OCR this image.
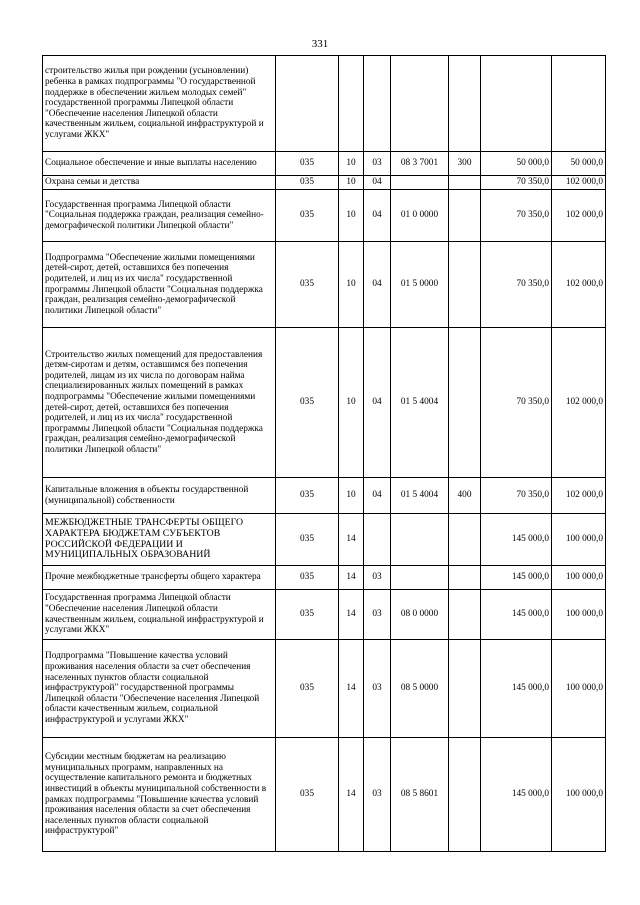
331
строительство жилья при рождении (усыновлении) ребенка в рамках подпрограммы "О государственной поддержке в обеспечении жильем молодых семей" государственной программы Липецкой области "Обеспечение населения Липецкой области качественным жильем, социальной инфраструктурой и услугами ЖКХ"							
Социальное обеспечение и иные выплаты населению	035	10	03	08 3 7001	300	50 000,0	50 000,0
Охрана семьи и детства	035	10	04			70 350,0	102 000,0
Государственная программа Липецкой области "Социальная поддержка граждан, реализация семейно-демографической политики Липецкой области"	035	10	04	01 0 0000		70 350,0	102 000,0
Подпрограмма "Обеспечение жилыми помещениями детей-сирот, детей, оставшихся без попечения родителей, и лиц из их числа" государственной программы Липецкой области "Социальная поддержка граждан, реализация семейно-демографической политики Липецкой области"	035	10	04	01 5 0000		70 350,0	102 000,0
Строительство жилых помещений для предоставления детям-сиротам и детям, оставшимся без попечения родителей, лицам из их числа по договорам найма специализированных жилых помещений в рамках подпрограммы "Обеспечение жилыми помещениями детей-сирот, детей, оставшихся без попечения родителей, и лиц из их числа" государственной программы Липецкой области "Социальная поддержка граждан, реализация семейно-демографической политики Липецкой области"	035	10	04	01 5 4004		70 350,0	102 000,0
Капитальные вложения в объекты государственной (муниципальной) собственности	035	10	04	01 5 4004	400	70 350,0	102 000,0
МЕЖБЮДЖЕТНЫЕ ТРАНСФЕРТЫ ОБЩЕГО ХАРАКТЕРА БЮДЖЕТАМ СУБЪЕКТОВ РОССИЙСКОЙ ФЕДЕРАЦИИ И МУНИЦИПАЛЬНЫХ ОБРАЗОВАНИЙ	035	14				145 000,0	100 000,0
Прочие межбюджетные трансферты общего характера	035	14	03			145 000,0	100 000,0
Государственная программа Липецкой области "Обеспечение населения Липецкой области качественным жильем, социальной инфраструктурой и услугами ЖКХ"	035	14	03	08 0 0000		145 000,0	100 000,0
Подпрограмма "Повышение качества условий проживания населения области за счет обеспечения населенных пунктов области социальной инфраструктурой" государственной программы Липецкой области "Обеспечение населения Липецкой области качественным жильем, социальной инфраструктурой и услугами ЖКХ"	035	14	03	08 5 0000		145 000,0	100 000,0
Субсидии местным бюджетам на реализацию муниципальных программ, направленных на осуществление капитального ремонта и бюджетных инвестиций в объекты муниципальной собственности в рамках подпрограммы "Повышение качества условий проживания населения области за счет обеспечения населенных пунктов области социальной инфраструктурой"	035	14	03	08 5 8601		145 000,0	100 000,0
